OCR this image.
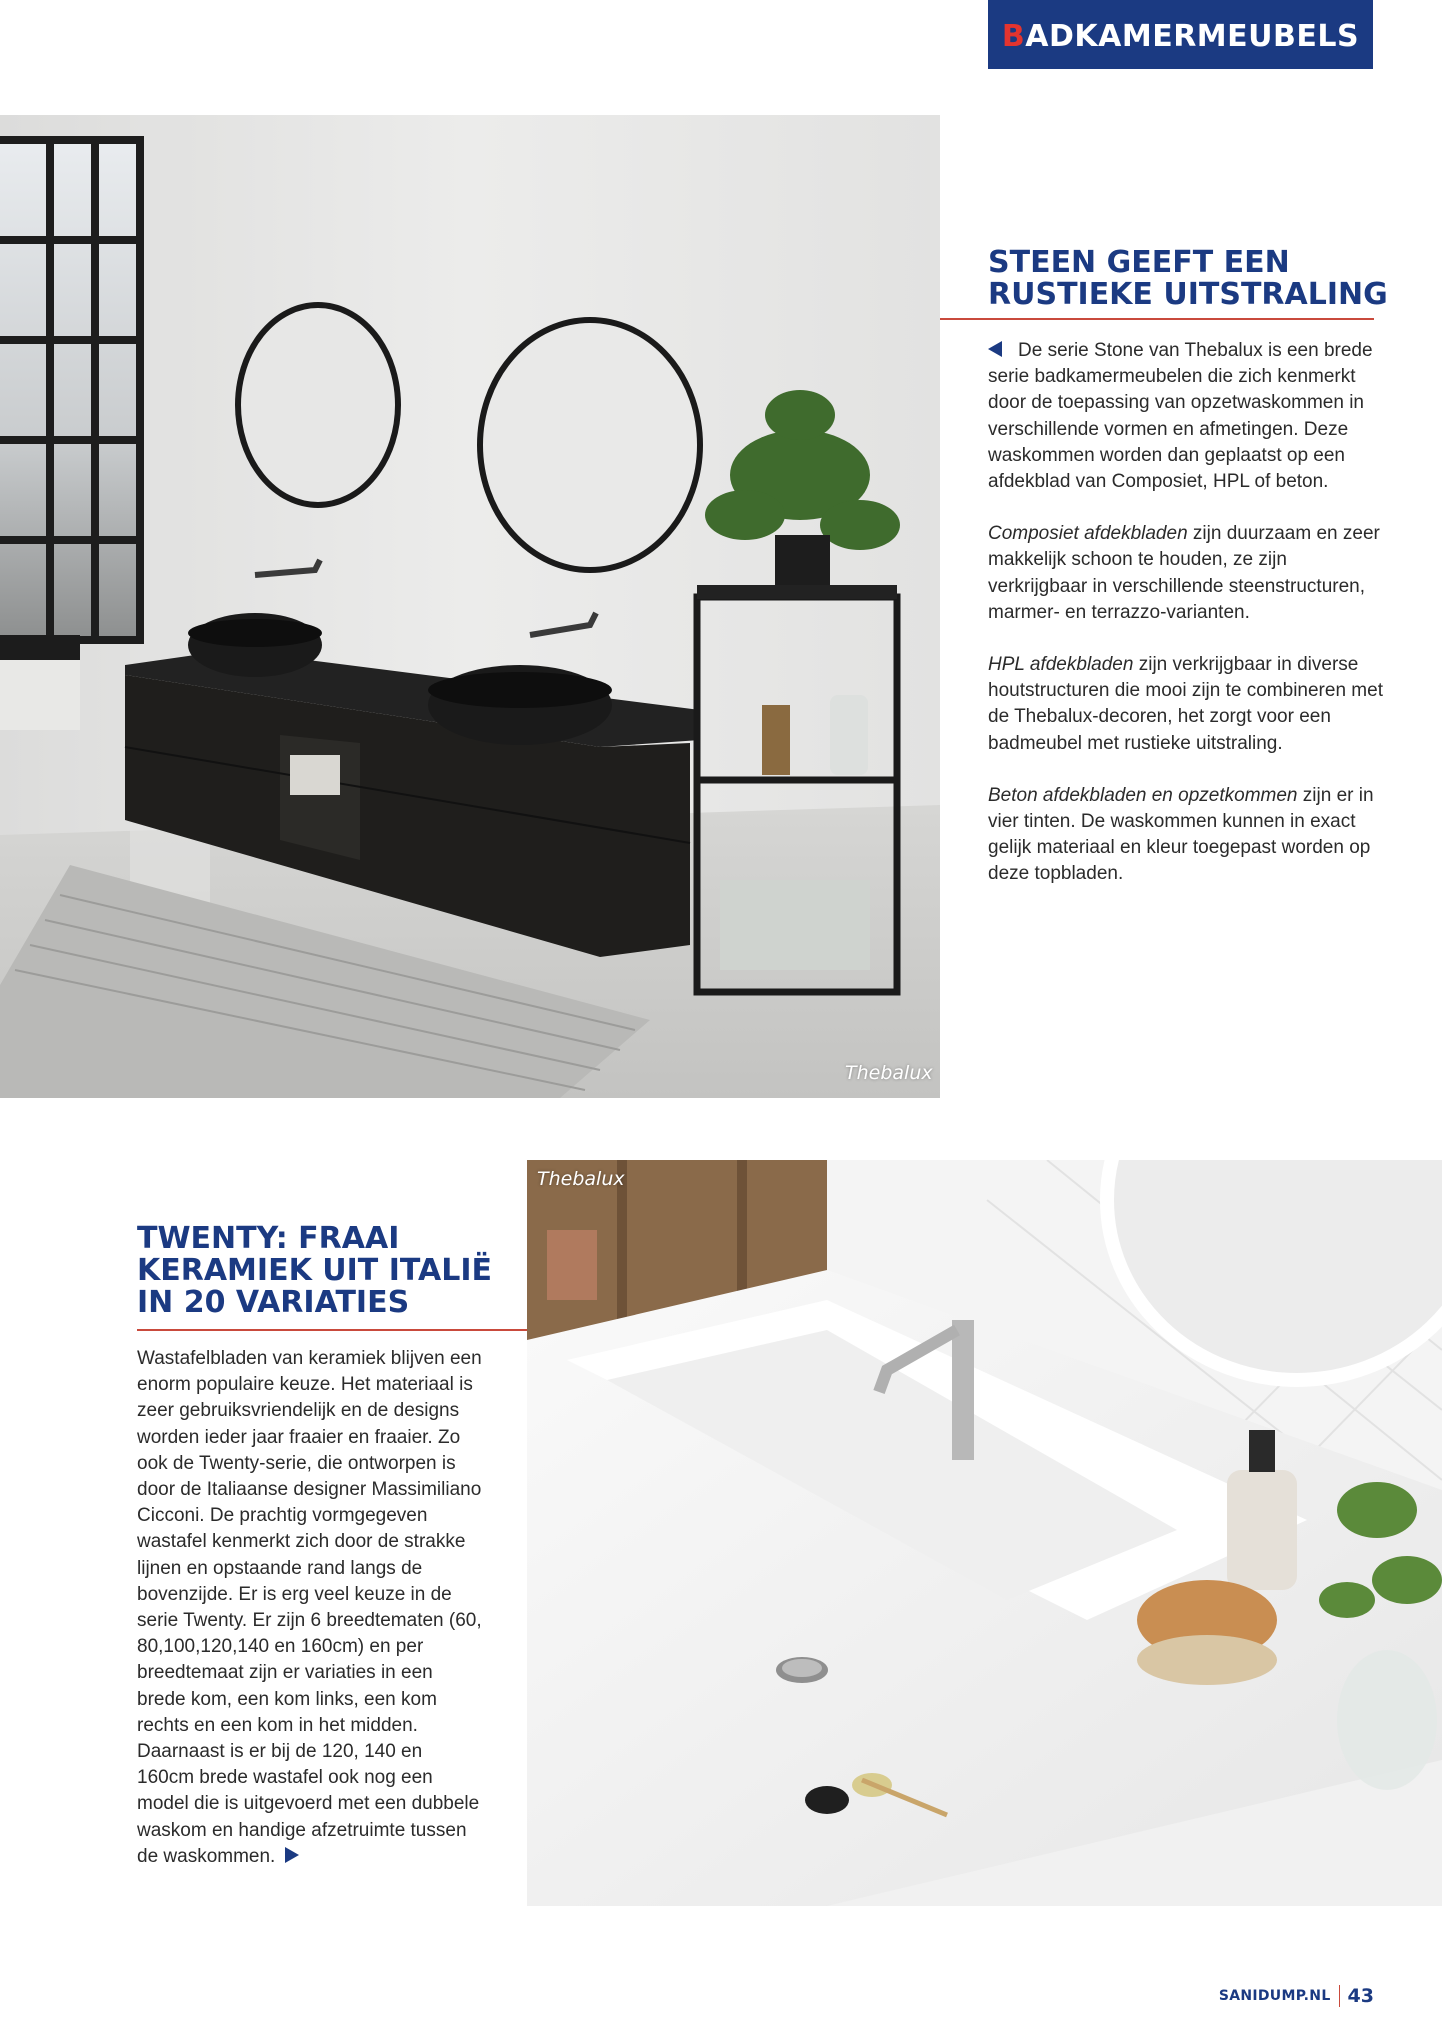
B ADKAMERMEUBELS
Thebalux
STEEN GEEFT EEN
RUSTIEKE UITSTRALING

De serie Stone van Thebalux is een brede serie badkamermeubelen die zich kenmerkt door de toepassing van opzetwaskommen in verschillende vormen en afmetingen. Deze waskommen worden dan geplaatst op een afdekblad van Composiet, HPL of beton.

Composiet afdekbladen zijn duurzaam en zeer makkelijk schoon te houden, ze zijn verkrijgbaar in verschillende steenstructuren, marmer- en terrazzo-varianten.

HPL afdekbladen zijn verkrijgbaar in diverse houtstructuren die mooi zijn te combineren met de Thebalux-decoren, het zorgt voor een badmeubel met rustieke uitstraling.

Beton afdekbladen en opzetkommen zijn er in vier tinten. De waskommen kunnen in exact gelijk materiaal en kleur toegepast worden op deze topbladen.

Thebalux
TWENTY: FRAAI
KERAMIEK UIT ITALIË
IN 20 VARIATIES

Wastafelbladen van keramiek blijven een enorm populaire keuze. Het materiaal is zeer gebruiksvriendelijk en de designs worden ieder jaar fraaier en fraaier. Zo ook de Twenty-serie, die ontworpen is door de Italiaanse designer Massimiliano Cicconi. De prachtig vormgegeven wastafel kenmerkt zich door de strakke lijnen en opstaande rand langs de bovenzijde. Er is erg veel keuze in de serie Twenty. Er zijn 6 breedtematen (60, 80,100,120,140 en 160cm) en per breedtemaat zijn er variaties in een brede kom, een kom links, een kom rechts en een kom in het midden. Daarnaast is er bij de 120, 140 en 160cm brede wastafel ook nog een model die is uitgevoerd met een dubbele waskom en handige afzetruimte tussen de waskommen.

SANIDUMP.NL 43
